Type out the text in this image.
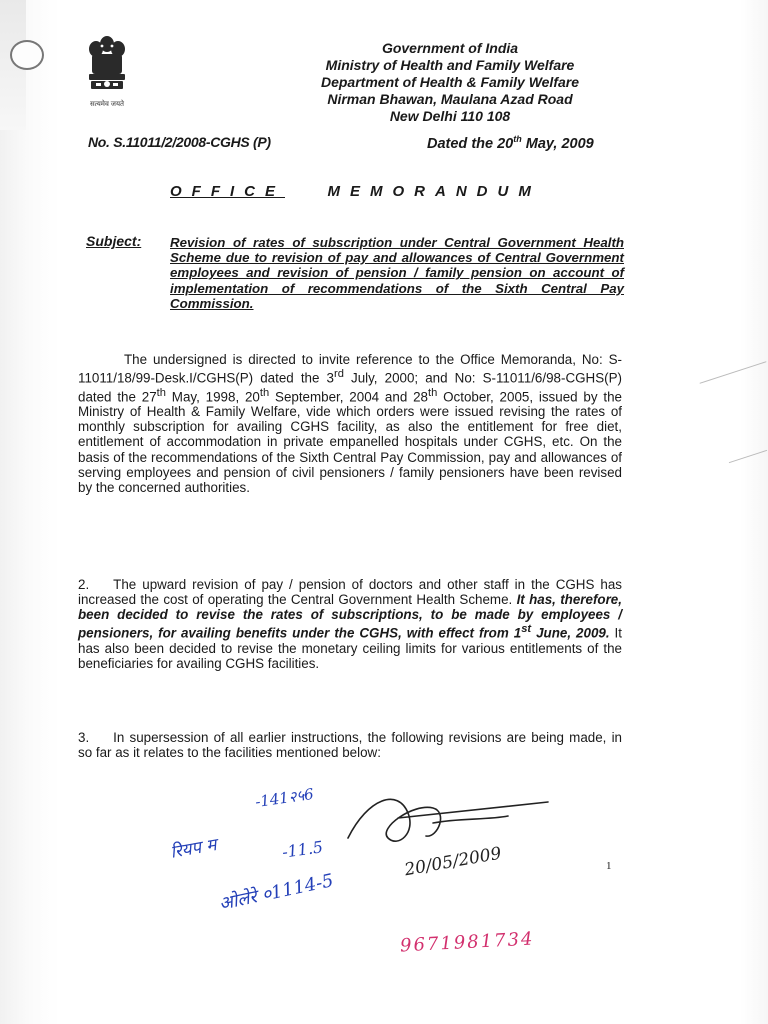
सत्यमेव जयते
Government of India
Ministry of Health and Family Welfare
Department of Health & Family Welfare
Nirman Bhawan, Maulana Azad Road
New Delhi 110 108
No. S.11011/2/2008-CGHS (P)	Dated the 20th May, 2009
OFFICE	MEMORANDUM
Subject: Revision of rates of subscription under Central Government Health Scheme due to revision of pay and allowances of Central Government employees and revision of pension / family pension on account of implementation of recommendations of the Sixth Central Pay Commission.
The undersigned is directed to invite reference to the Office Memoranda, No: S-11011/18/99-Desk.I/CGHS(P) dated the 3rd July, 2000; and No: S-11011/6/98-CGHS(P) dated the 27th May, 1998, 20th September, 2004 and 28th October, 2005, issued by the Ministry of Health & Family Welfare, vide which orders were issued revising the rates of monthly subscription for availing CGHS facility, as also the entitlement for free diet, entitlement of accommodation in private empanelled hospitals under CGHS, etc. On the basis of the recommendations of the Sixth Central Pay Commission, pay and allowances of serving employees and pension of civil pensioners / family pensioners have been revised by the concerned authorities.
2. The upward revision of pay / pension of doctors and other staff in the CGHS has increased the cost of operating the Central Government Health Scheme. It has, therefore, been decided to revise the rates of subscriptions, to be made by employees / pensioners, for availing benefits under the CGHS, with effect from 1st June, 2009. It has also been decided to revise the monetary ceiling limits for various entitlements of the beneficiaries for availing CGHS facilities.
3. In supersession of all earlier instructions, the following revisions are being made, in so far as it relates to the facilities mentioned below:
-141२५6
रियप म	-11.5
ओलेरे ०1114-5
20/05/2009
9671981734
1
